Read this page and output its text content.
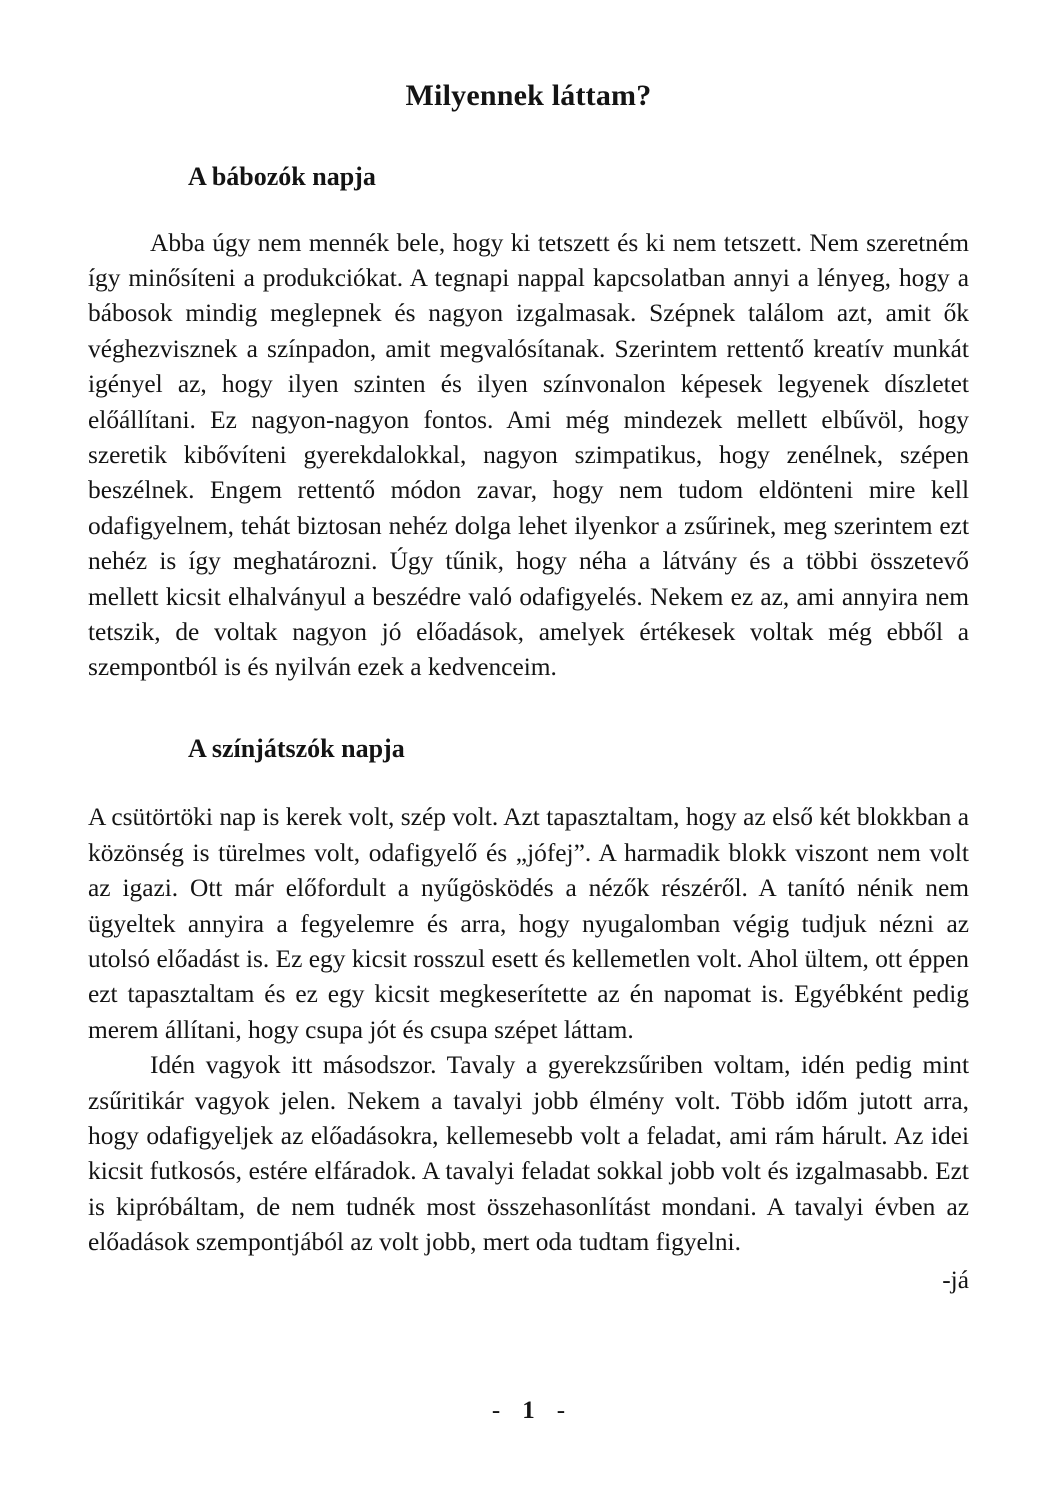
Milyennek láttam?
A bábozók napja

Abba úgy nem mennék bele, hogy ki tetszett és ki nem tetszett. Nem szeretném így minősíteni a produkciókat. A tegnapi nappal kapcsolatban annyi a lényeg, hogy a bábosok mindig meglepnek és nagyon izgalmasak. Szépnek találom azt, amit ők véghezvisznek a színpadon, amit megvalósítanak. Szerintem rettentő kreatív munkát igényel az, hogy ilyen szinten és ilyen színvonalon képesek legyenek díszletet előállítani. Ez nagyon-nagyon fontos. Ami még mindezek mellett elbűvöl, hogy szeretik kibővíteni gyerekdalokkal, nagyon szimpatikus, hogy zenélnek, szépen beszélnek. Engem rettentő módon zavar, hogy nem tudom eldönteni mire kell odafigyelnem, tehát biztosan nehéz dolga lehet ilyenkor a zsűrinek, meg szerintem ezt nehéz is így meghatározni. Úgy tűnik, hogy néha a látvány és a többi összetevő mellett kicsit elhalványul a beszédre való odafigyelés. Nekem ez az, ami annyira nem tetszik, de voltak nagyon jó előadások, amelyek értékesek voltak még ebből a szempontból is és nyilván ezek a kedvenceim.

A színjátszók napja

A csütörtöki nap is kerek volt, szép volt. Azt tapasztaltam, hogy az első két blokkban a közönség is türelmes volt, odafigyelő és „jófej”. A harmadik blokk viszont nem volt az igazi. Ott már előfordult a nyűgösködés a nézők részéről. A tanító nénik nem ügyeltek annyira a fegyelemre és arra, hogy nyugalomban végig tudjuk nézni az utolsó előadást is. Ez egy kicsit rosszul esett és kellemetlen volt. Ahol ültem, ott éppen ezt tapasztaltam és ez egy kicsit megkeserítette az én napomat is. Egyébként pedig merem állítani, hogy csupa jót és csupa szépet láttam.

Idén vagyok itt másodszor. Tavaly a gyerekzsűriben voltam, idén pedig mint zsűritikár vagyok jelen. Nekem a tavalyi jobb élmény volt. Több időm jutott arra, hogy odafigyeljek az előadásokra, kellemesebb volt a feladat, ami rám hárult. Az idei kicsit futkosós, estére elfáradok. A tavalyi feladat sokkal jobb volt és izgalmasabb. Ezt is kipróbáltam, de nem tudnék most összehasonlítást mondani. A tavalyi évben az előadások szempontjából az volt jobb, mert oda tudtam figyelni.

-já

- 1 -
